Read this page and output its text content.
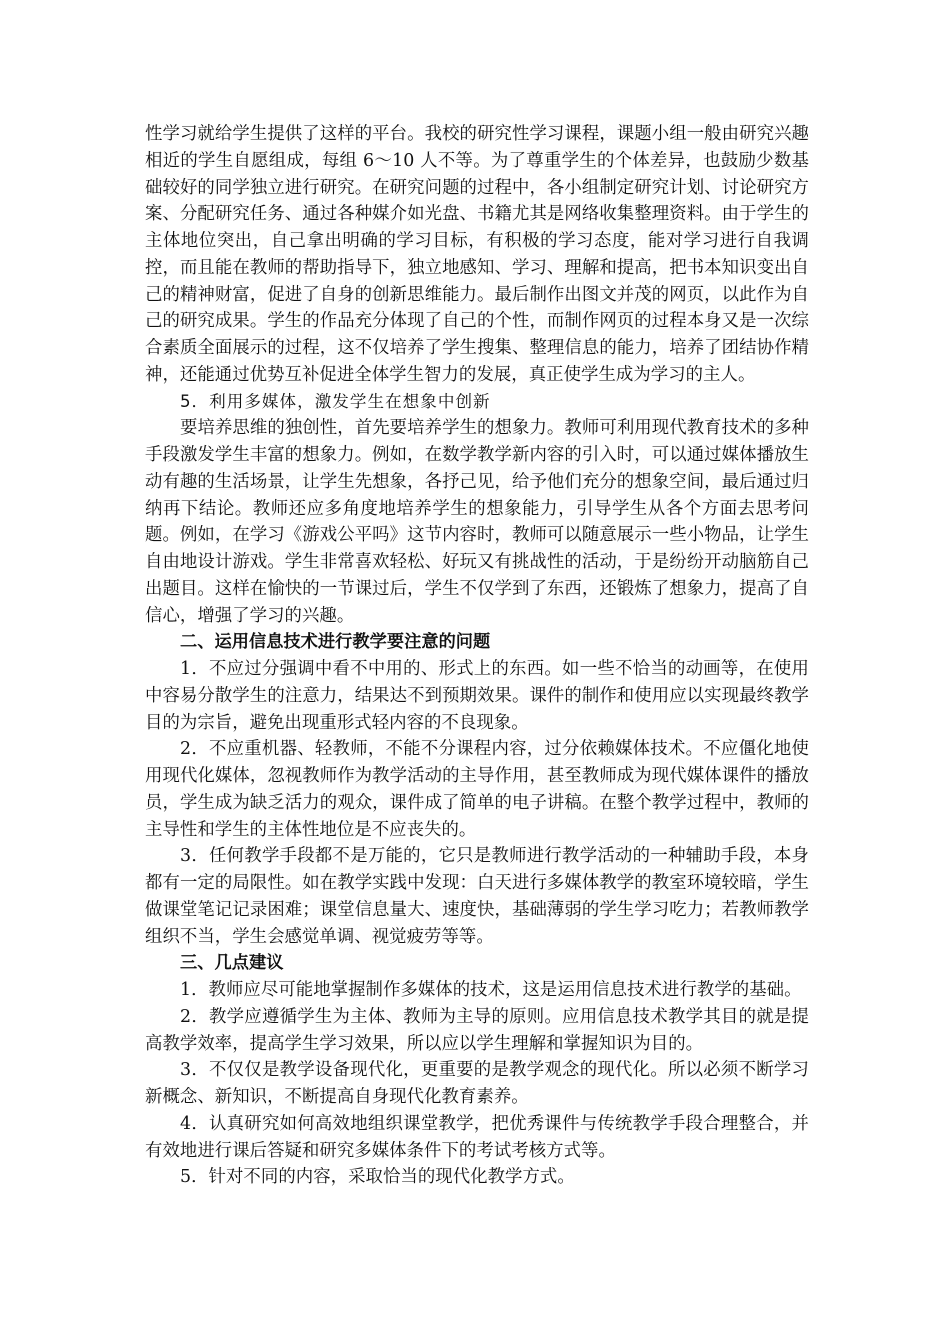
性学习就给学生提供了这样的平台。我校的研究性学习课程，课题小组一般由研究兴趣相近的学生自愿组成，每组 6～10 人不等。为了尊重学生的个体差异，也鼓励少数基础较好的同学独立进行研究。在研究问题的过程中，各小组制定研究计划、讨论研究方案、分配研究任务、通过各种媒介如光盘、书籍尤其是网络收集整理资料。由于学生的主体地位突出，自己拿出明确的学习目标，有积极的学习态度，能对学习进行自我调控，而且能在教师的帮助指导下，独立地感知、学习、理解和提高，把书本知识变出自己的精神财富，促进了自身的创新思维能力。最后制作出图文并茂的网页，以此作为自己的研究成果。学生的作品充分体现了自己的个性，而制作网页的过程本身又是一次综合素质全面展示的过程，这不仅培养了学生搜集、整理信息的能力，培养了团结协作精神，还能通过优势互补促进全体学生智力的发展，真正使学生成为学习的主人。

5．利用多媒体，激发学生在想象中创新

要培养思维的独创性，首先要培养学生的想象力。教师可利用现代教育技术的多种手段激发学生丰富的想象力。例如，在数学教学新内容的引入时，可以通过媒体播放生动有趣的生活场景，让学生先想象，各抒己见，给予他们充分的想象空间，最后通过归纳再下结论。教师还应多角度地培养学生的想象能力，引导学生从各个方面去思考问题。例如，在学习《游戏公平吗》这节内容时，教师可以随意展示一些小物品，让学生自由地设计游戏。学生非常喜欢轻松、好玩又有挑战性的活动，于是纷纷开动脑筋自己出题目。这样在愉快的一节课过后，学生不仅学到了东西，还锻炼了想象力，提高了自信心，增强了学习的兴趣。

二、运用信息技术进行教学要注意的问题

1．不应过分强调中看不中用的、形式上的东西。如一些不恰当的动画等，在使用中容易分散学生的注意力，结果达不到预期效果。课件的制作和使用应以实现最终教学目的为宗旨，避免出现重形式轻内容的不良现象。

2．不应重机器、轻教师，不能不分课程内容，过分依赖媒体技术。不应僵化地使用现代化媒体，忽视教师作为教学活动的主导作用，甚至教师成为现代媒体课件的播放员，学生成为缺乏活力的观众，课件成了简单的电子讲稿。在整个教学过程中，教师的主导性和学生的主体性地位是不应丧失的。

3．任何教学手段都不是万能的，它只是教师进行教学活动的一种辅助手段，本身都有一定的局限性。如在教学实践中发现：白天进行多媒体教学的教室环境较暗，学生做课堂笔记记录困难；课堂信息量大、速度快，基础薄弱的学生学习吃力；若教师教学组织不当，学生会感觉单调、视觉疲劳等等。

三、几点建议

1．教师应尽可能地掌握制作多媒体的技术，这是运用信息技术进行教学的基础。

2．教学应遵循学生为主体、教师为主导的原则。应用信息技术教学其目的就是提高教学效率，提高学生学习效果，所以应以学生理解和掌握知识为目的。

3．不仅仅是教学设备现代化，更重要的是教学观念的现代化。所以必须不断学习新概念、新知识，不断提高自身现代化教育素养。

4．认真研究如何高效地组织课堂教学，把优秀课件与传统教学手段合理整合，并有效地进行课后答疑和研究多媒体条件下的考试考核方式等。

5．针对不同的内容，采取恰当的现代化教学方式。
